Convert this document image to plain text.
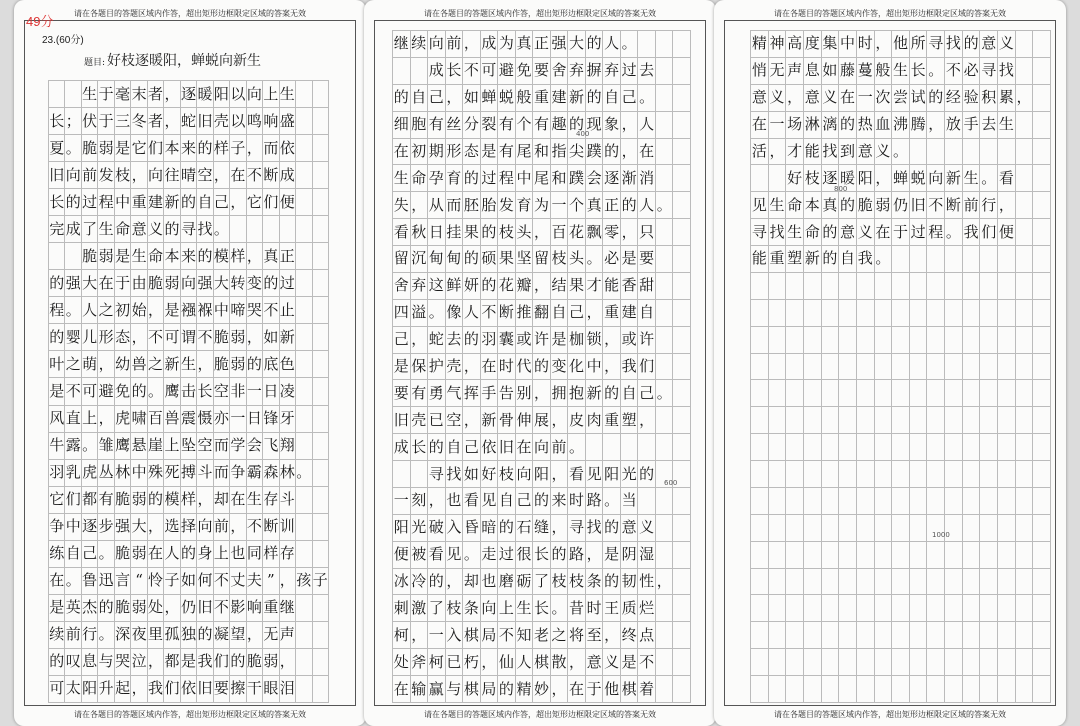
请在各题目的答题区域内作答，超出矩形边框限定区域的答案无效
49分
23.(60分)
题目: 好枝逐暖阳，蝉蜕向新生
生 于 毫 末 者 ， 逐 暖 阳 以 向 上 生
长 ； 伏 于 三 冬 者 ， 蛇 旧 壳 以 鸣 响 盛
夏 。 脆 弱 是 它 们 本 来 的 样 子 ， 而 依
旧 向 前 发 枝 ， 向 往 晴 空 ， 在 不 断 成
长 的 过 程 中 重 建 新 的 自 己 ， 它 们 便
完 成 了 生 命 意 义 的 寻 找 。
脆 弱 是 生 命 本 来 的 模 样 ， 真 正
的 强 大 在 于 由 脆 弱 向 强 大 转 变 的 过
程 。 人 之 初 始 ， 是 襁 褓 中 啼 哭 不 止
的 婴 儿 形 态 ， 不 可 谓 不 脆 弱 ， 如 新
叶 之 萌 ， 幼 兽 之 新 生 ， 脆 弱 的 底 色
是 不 可 避 免 的 。 鹰 击 长 空 非 一 日 凌
风 直 上 ， 虎 啸 百 兽 震 慑 亦 一 日 锋 牙
牛 露 。 雏 鹰 悬 崖 上 坠 空 而 学 会 飞 翔
羽 乳 虎 丛 林 中 殊 死 搏 斗 而 争 霸 森 林 。
它 们 都 有 脆 弱 的 模 样 ， 却 在 生 存 斗
争 中 逐 步 强 大 ， 选 择 向 前 ， 不 断 训
练 自 己 。 脆 弱 在 人 的 身 上 也 同 样 存
在 。 鲁 迅 言 “ 怜 子 如 何 不 丈 夫 ” ， 孩 子
是 英 杰 的 脆 弱 处 ， 仍 旧 不 影 响 重 继
续 前 行 。 深 夜 里 孤 独 的 凝 望 ， 无 声
的 叹 息 与 哭 泣 ， 都 是 我 们 的 脆 弱 ，
可 太 阳 升 起 ， 我 们 依 旧 要 擦 干 眼 泪
请在各题目的答题区域内作答，超出矩形边框限定区域的答案无效
请在各题目的答题区域内作答，超出矩形边框限定区域的答案无效
继 续 向 前 ， 成 为 真 正 强 大 的 人 。
成 长 不 可 避 免 要 舍 弃 摒 弃 过 去
的 自 己 ， 如 蝉 蜕 般 重 建 新 的 自 己 。
细 胞 有 丝 分 裂 有 个 有 趣 的 现 象 ， 人
在 初 期 形 态 是 有 尾 和 指 尖 蹼 的 ， 在
生 命 孕 育 的 过 程 中 尾 和 蹼 会 逐 渐 消
失 ， 从 而 胚 胎 发 育 为 一 个 真 正 的 人 。
看 秋 日 挂 果 的 枝 头 ， 百 花 飘 零 ， 只
留 沉 甸 甸 的 硕 果 坚 留 枝 头 。 必 是 要
舍 弃 这 鲜 妍 的 花 瓣 ， 结 果 才 能 香 甜
四 溢 。 像 人 不 断 推 翻 自 己 ， 重 建 自
己 ， 蛇 去 的 羽 囊 或 许 是 枷 锁 ， 或 许
是 保 护 壳 ， 在 时 代 的 变 化 中 ， 我 们
要 有 勇 气 挥 手 告 别 ， 拥 抱 新 的 自 己 。
旧 壳 已 空 ， 新 骨 伸 展 ， 皮 肉 重 塑 ，
成 长 的 自 己 依 旧 在 向 前 。
寻 找 如 好 枝 向 阳 ， 看 见 阳 光 的
一 刻 ， 也 看 见 自 己 的 来 时 路 。 当
阳 光 破 入 昏 暗 的 石 缝 ， 寻 找 的 意 义
便 被 看 见 。 走 过 很 长 的 路 ， 是 阴 湿
冰 冷 的 ， 却 也 磨 砺 了 枝 枝 条 的 韧 性 ，
刺 激 了 枝 条 向 上 生 长 。 昔 时 王 质 烂
柯 ， 一 入 棋 局 不 知 老 之 将 至 ， 终 点
处 斧 柯 已 朽 ， 仙 人 棋 散 ， 意 义 是 不
在 输 赢 与 棋 局 的 精 妙 ， 在 于 他 棋 着
400
600
请在各题目的答题区域内作答，超出矩形边框限定区域的答案无效
请在各题目的答题区域内作答，超出矩形边框限定区域的答案无效
精 神 高 度 集 中 时 ， 他 所 寻 找 的 意 义
悄 无 声 息 如 藤 蔓 般 生 长 。 不 必 寻 找
意 义 ， 意 义 在 一 次 尝 试 的 经 验 积 累 ，
在 一 场 淋 漓 的 热 血 沸 腾 ， 放 手 去 生
活 ， 才 能 找 到 意 义 。
好 枝 逐 暖 阳 ， 蝉 蜕 向 新 生 。 看
见 生 命 本 真 的 脆 弱 仍 旧 不 断 前 行 ，
寻 找 生 命 的 意 义 在 于 过 程 。 我 们 便
能 重 塑 新 的 自 我 。
800
1000
请在各题目的答题区域内作答，超出矩形边框限定区域的答案无效
